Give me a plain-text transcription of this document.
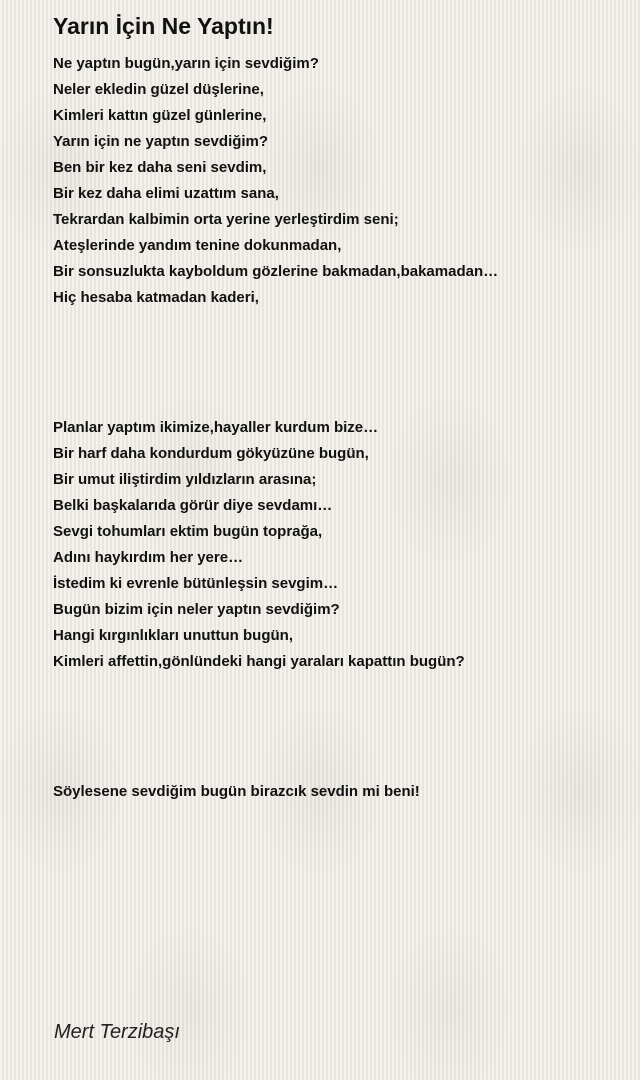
Yarın İçin Ne Yaptın!
Ne yaptın bugün,yarın için sevdiğim?
Neler ekledin güzel düşlerine,
Kimleri kattın güzel günlerine,
Yarın için ne yaptın sevdiğim?
Ben bir kez daha seni sevdim,
Bir kez daha elimi uzattım sana,
Tekrardan kalbimin orta yerine yerleştirdim seni;
Ateşlerinde yandım tenine dokunmadan,
Bir sonsuzlukta kayboldum gözlerine bakmadan,bakamadan…
Hiç hesaba katmadan kaderi,
Planlar yaptım ikimize,hayaller kurdum bize…
Bir harf daha kondurdum gökyüzüne bugün,
Bir umut iliştirdim yıldızların arasına;
Belki başkalarıda görür diye sevdamı…
Sevgi tohumları ektim bugün toprağa,
Adını haykırdım her yere…
İstedim ki evrenle bütünleşsin sevgim…
Bugün bizim için neler yaptın sevdiğim?
Hangi kırgınlıkları unuttun bugün,
Kimleri affettin,gönlündeki hangi yaraları kapattın bugün?
Söylesene sevdiğim bugün birazcık sevdin mi beni!
Mert Terzibaşı
